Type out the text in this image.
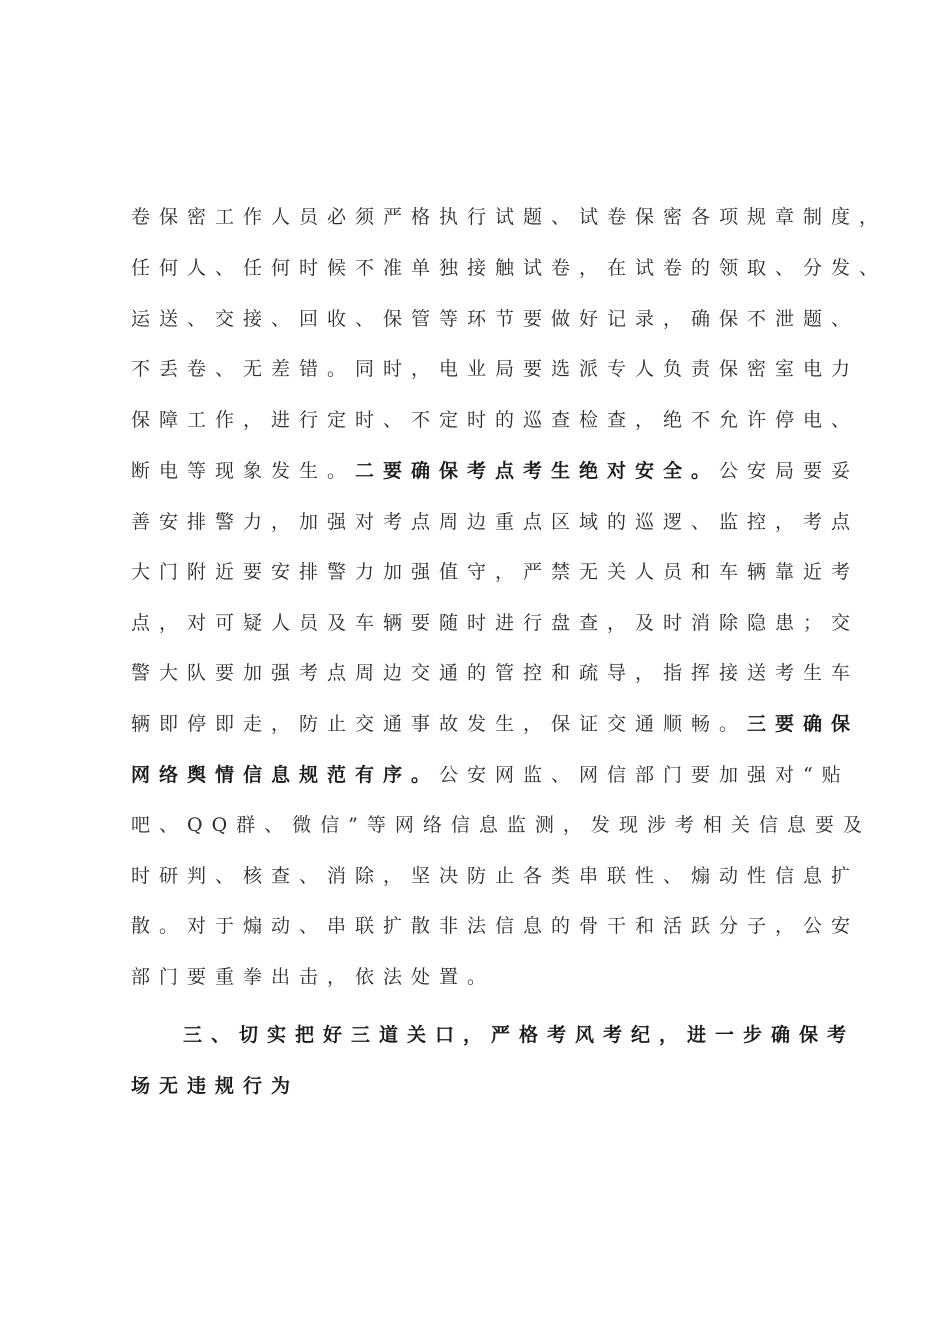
卷保密工作人员必须严格执行试题、试卷保密各项规章制度，
任何人、任何时候不准单独接触试卷，在试卷的领取、分发、
运送、交接、回收、保管等环节要做好记录，确保不泄题、
不丢卷、无差错。同时，电业局要选派专人负责保密室电力
保障工作，进行定时、不定时的巡查检查，绝不允许停电、
断电等现象发生。二要确保考点考生绝对安全。公安局要妥
善安排警力，加强对考点周边重点区域的巡逻、监控，考点
大门附近要安排警力加强值守，严禁无关人员和车辆靠近考
点，对可疑人员及车辆要随时进行盘查，及时消除隐患；交
警大队要加强考点周边交通的管控和疏导，指挥接送考生车
辆即停即走，防止交通事故发生，保证交通顺畅。三要确保
网络舆情信息规范有序。公安网监、网信部门要加强对“贴
吧、QQ群、微信”等网络信息监测，发现涉考相关信息要及
时研判、核查、消除，坚决防止各类串联性、煽动性信息扩
散。对于煽动、串联扩散非法信息的骨干和活跃分子，公安
部门要重拳出击，依法处置。
三、切实把好三道关口，严格考风考纪，进一步确保考
场无违规行为
